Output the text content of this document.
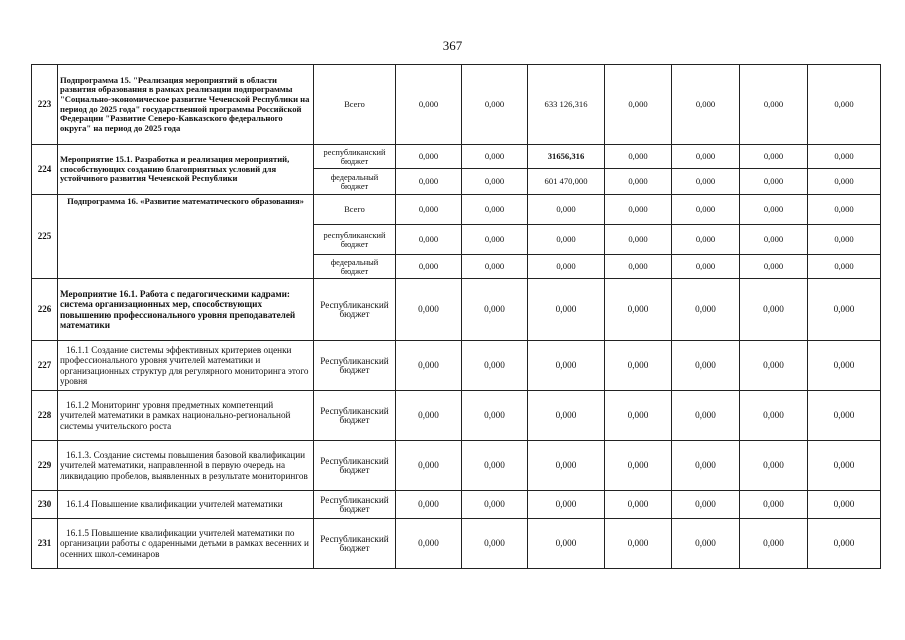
367
223	Подпрограмма 15. "Реализация мероприятий в области развития образования в рамках реализации подпрограммы "Социально-экономическое развитие Чеченской Республики на период до 2025 года" государственной программы Российской Федерации "Развитие Северо-Кавказского федерального округа" на период до 2025 года	Всего	0,000	0,000	633 126,316	0,000	0,000	0,000	0,000
224	Мероприятие 15.1. Разработка и реализация мероприятий, способствующих созданию благоприятных условий для устойчивого развития Чеченской Республики	республиканский бюджет	0,000	0,000	31656,316	0,000	0,000	0,000	0,000
		федеральный бюджет	0,000	0,000	601 470,000	0,000	0,000	0,000	0,000
225	Подпрограмма 16. «Развитие математического образования»	Всего	0,000	0,000	0,000	0,000	0,000	0,000	0,000
		республиканский бюджет	0,000	0,000	0,000	0,000	0,000	0,000	0,000
		федеральный бюджет	0,000	0,000	0,000	0,000	0,000	0,000	0,000
226	Мероприятие 16.1. Работа с педагогическими кадрами: система организационных мер, способствующих повышению профессионального уровня преподавателей математики	Республиканский бюджет	0,000	0,000	0,000	0,000	0,000	0,000	0,000
227	16.1.1 Создание системы эффективных критериев оценки профессионального уровня учителей математики и организационных структур для регулярного мониторинга этого уровня	Республиканский бюджет	0,000	0,000	0,000	0,000	0,000	0,000	0,000
228	16.1.2 Мониторинг уровня предметных компетенций учителей математики в рамках национально-региональной системы учительского роста	Республиканский бюджет	0,000	0,000	0,000	0,000	0,000	0,000	0,000
229	16.1.3. Создание системы повышения базовой квалификации учителей математики, направленной в первую очередь на ликвидацию пробелов, выявленных в результате мониторингов	Республиканский бюджет	0,000	0,000	0,000	0,000	0,000	0,000	0,000
230	16.1.4 Повышение квалификации учителей математики	Республиканский бюджет	0,000	0,000	0,000	0,000	0,000	0,000	0,000
231	16.1.5 Повышение квалификации учителей математики по организации работы с одаренными детьми в рамках весенних и осенних школ-семинаров	Республиканский бюджет	0,000	0,000	0,000	0,000	0,000	0,000	0,000
